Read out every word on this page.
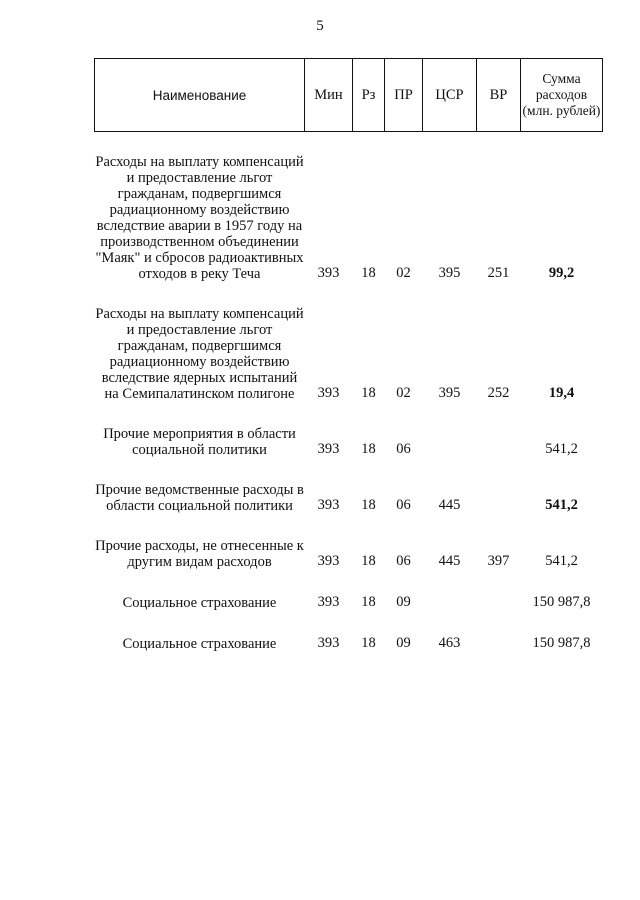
5
Наименование	Мин	Рз	ПР	ЦСР	ВР	Сумма расходов (млн. рублей)

Расходы на выплату компенсаций и предоставление льгот гражданам, подвергшимся радиационному воздействию вследствие аварии в 1957 году на производственном объединении "Маяк" и сбросов радиоактивных отходов в реку Теча	393	18	02	395	251	99,2

Расходы на выплату компенсаций и предоставление льгот гражданам, подвергшимся радиационному воздействию вследствие ядерных испытаний на Семипалатинском полигоне	393	18	02	395	252	19,4

Прочие мероприятия в области социальной политики	393	18	06			541,2

Прочие ведомственные расходы в области социальной политики	393	18	06	445		541,2

Прочие расходы, не отнесенные к другим видам расходов	393	18	06	445	397	541,2

Социальное страхование	393	18	09			150 987,8

Социальное страхование	393	18	09	463		150 987,8
